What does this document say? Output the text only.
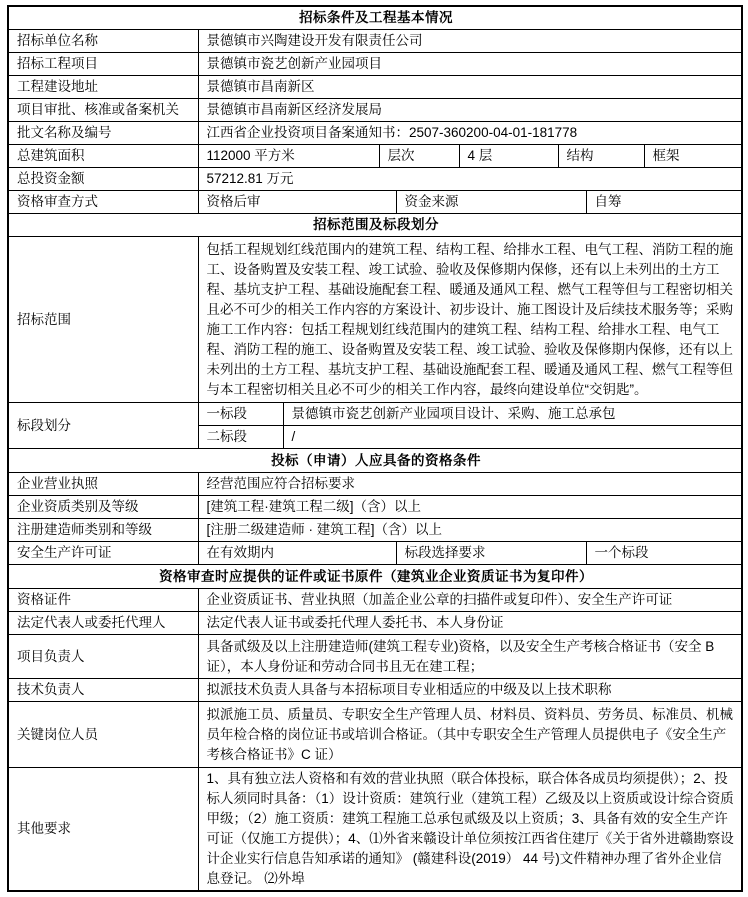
招标条件及工程基本情况								
招标单位名称	景德镇市兴陶建设开发有限责任公司							
招标工程项目	景德镇市瓷艺创新产业园项目							
工程建设地址	景德镇市昌南新区							
项目审批、核准或备案机关	景德镇市昌南新区经济发展局							
批文名称及编号	江西省企业投资项目备案通知书：2507-360200-04-01-181778							
总建筑面积	112000 平方米		层次		4 层	结构		框架
总投资金额	57212.81 万元							
资格审查方式	资格后审			资金来源			自筹	
招标范围及标段划分								
招标范围	包括工程规划红线范围内的建筑工程、结构工程、给排水工程、电气工程、消防工程的施工、设备购置及安装工程、竣工试验、验收及保修期内保修，还有以上未列出的土方工程、基坑支护工程、基础设施配套工程、暖通及通风工程、燃气工程等但与工程密切相关且必不可少的相关工作内容的方案设计、初步设计、施工图设计及后续技术服务等；采购施工工作内容：包括工程规划红线范围内的建筑工程、结构工程、给排水工程、电气工程、消防工程的施工、设备购置及安装工程、竣工试验、验收及保修期内保修，还有以上未列出的土方工程、基坑支护工程、基础设施配套工程、暖通及通风工程、燃气工程等但与本工程密切相关且必不可少的相关工作内容，最终向建设单位“交钥匙”。							
标段划分	一标段	景德镇市瓷艺创新产业园项目设计、采购、施工总承包						
	二标段	/						
投标（申请）人应具备的资格条件								
企业营业执照	经营范围应符合招标要求							
企业资质类别及等级	[建筑工程·建筑工程二级]（含）以上							
注册建造师类别和等级	[注册二级建造师 · 建筑工程]（含）以上							
安全生产许可证	在有效期内			标段选择要求			一个标段	
资格审查时应提供的证件或证书原件（建筑业企业资质证书为复印件）								
资格证件	企业资质证书、营业执照（加盖企业公章的扫描件或复印件）、安全生产许可证							
法定代表人或委托代理人	法定代表人证书或委托代理人委托书、本人身份证							
项目负责人	具备贰级及以上注册建造师(建筑工程专业)资格，以及安全生产考核合格证书（安全 B 证），本人身份证和劳动合同书且无在建工程；							
技术负责人	拟派技术负责人具备与本招标项目专业相适应的中级及以上技术职称							
关键岗位人员	拟派施工员、质量员、专职安全生产管理人员、材料员、资料员、劳务员、标准员、机械员年检合格的岗位证书或培训合格证。（其中专职安全生产管理人员提供电子《安全生产考核合格证书》C 证）							
其他要求	1、具有独立法人资格和有效的营业执照（联合体投标，联合体各成员均须提供）；2、投标人须同时具备：（1）设计资质：建筑行业（建筑工程）乙级及以上资质或设计综合资质甲级；（2）施工资质：建筑工程施工总承包贰级及以上资质；3、具备有效的安全生产许可证（仅施工方提供）；4、⑴外省来赣设计单位须按江西省住建厅《关于省外进赣勘察设计企业实行信息告知承诺的通知》 (赣建科设(2019） 44 号)文件精神办理了省外企业信息登记。 ⑵外埠							
